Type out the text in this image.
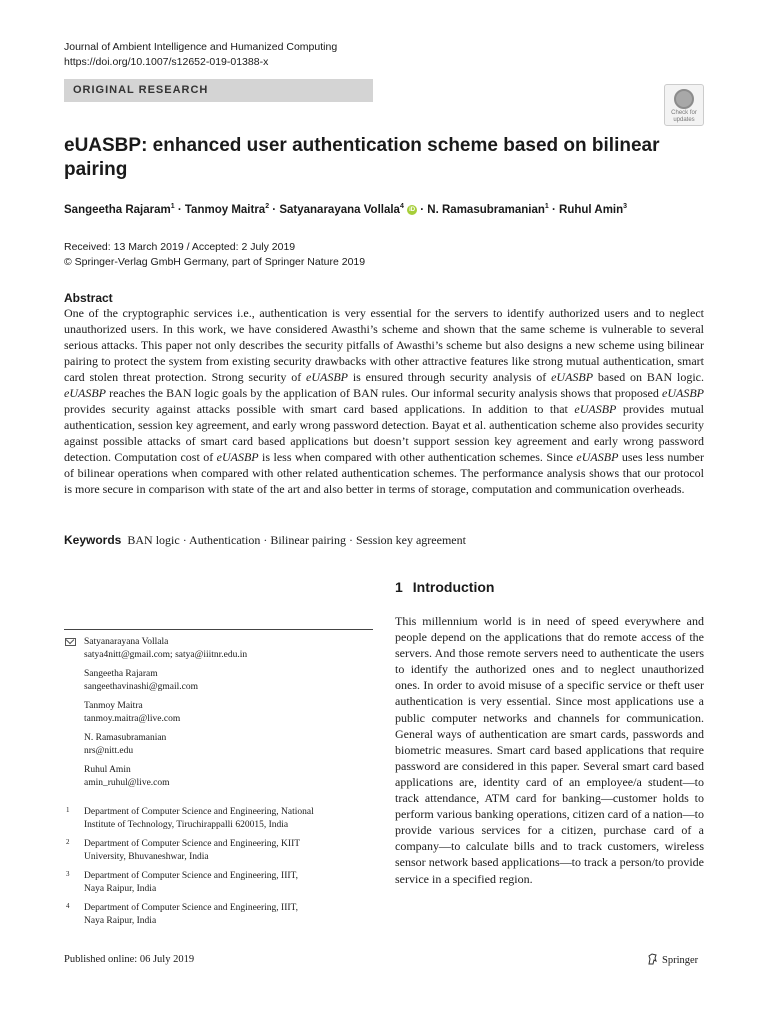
Journal of Ambient Intelligence and Humanized Computing
https://doi.org/10.1007/s12652-019-01388-x
ORIGINAL RESEARCH
Check for
updates
eUASBP: enhanced user authentication scheme based on bilinear pairing
Sangeetha Rajaram$^1$ · Tanmoy Maitra$^2$ · Satyanarayana Vollala$^4$ iD · N. Ramasubramanian$^1$ · Ruhul Amin$^3$
Received: 13 March 2019 / Accepted: 2 July 2019
© Springer-Verlag GmbH Germany, part of Springer Nature 2019
Abstract

One of the cryptographic services i.e., authentication is very essential for the servers to identify authorized users and to neglect unauthorized users. In this work, we have considered Awasthi’s scheme and shown that the same scheme is vulnerable to several serious attacks. This paper not only describes the security pitfalls of Awasthi’s scheme but also designs a new scheme using bilinear pairing to protect the system from existing security drawbacks with other attractive features like strong mutual authentication, smart card stolen threat protection. Strong security of eUASBP is ensured through security analysis of eUASBP based on BAN logic. eUASBP reaches the BAN logic goals by the application of BAN rules. Our informal security analysis shows that proposed eUASBP provides security against attacks possible with smart card based applications. In addition to that eUASBP provides mutual authentication, session key agreement, and early wrong password detection. Bayat et al. authentication scheme also provides security against possible attacks of smart card based applications but doesn’t support session key agreement and early wrong password detection. Computation cost of eUASBP is less when compared with other authentication schemes. Since eUASBP uses less number of bilinear operations when compared with other related authentication schemes. The performance analysis shows that our protocol is more secure in comparison with state of the art and also better in terms of storage, computation and communication overheads.

Keywords BAN logic · Authentication · Bilinear pairing · Session key agreement
1 Introduction

This millennium world is in need of speed everywhere and people depend on the applications that do remote access of the servers. And those remote servers need to authenticate the users to identify the authorized ones and to neglect unauthorized ones. In order to avoid misuse of a specific service or theft user authentication is very essential. Since most applications use a public computer networks and channels for communication. General ways of authentication are smart cards, passwords and biometric measures. Smart card based applications that require password are considered in this paper. Several smart card based applications are, identity card of an employee/a student—to track attendance, ATM card for banking—customer holds to perform various banking operations, citizen card of a nation—to provide various services for a citizen, purchase card of a company—to calculate bills and to track customers, wireless sensor network based applications—to track a person/to provide service in a specified region.

Satyanarayana Vollala
satya4nitt@gmail.com; satya@iiitnr.edu.in
Sangeetha Rajaram
sangeethavinashi@gmail.com
Tanmoy Maitra
tanmoy.maitra@live.com
N. Ramasubramanian
nrs@nitt.edu
Ruhul Amin
amin_ruhul@live.com
1 Department of Computer Science and Engineering, National
Institute of Technology, Tiruchirappalli 620015, India
2 Department of Computer Science and Engineering, KIIT
University, Bhuvaneshwar, India
3 Department of Computer Science and Engineering, IIIT,
Naya Raipur, India
4 Department of Computer Science and Engineering, IIIT,
Naya Raipur, India
Published online: 06 July 2019	Springer
